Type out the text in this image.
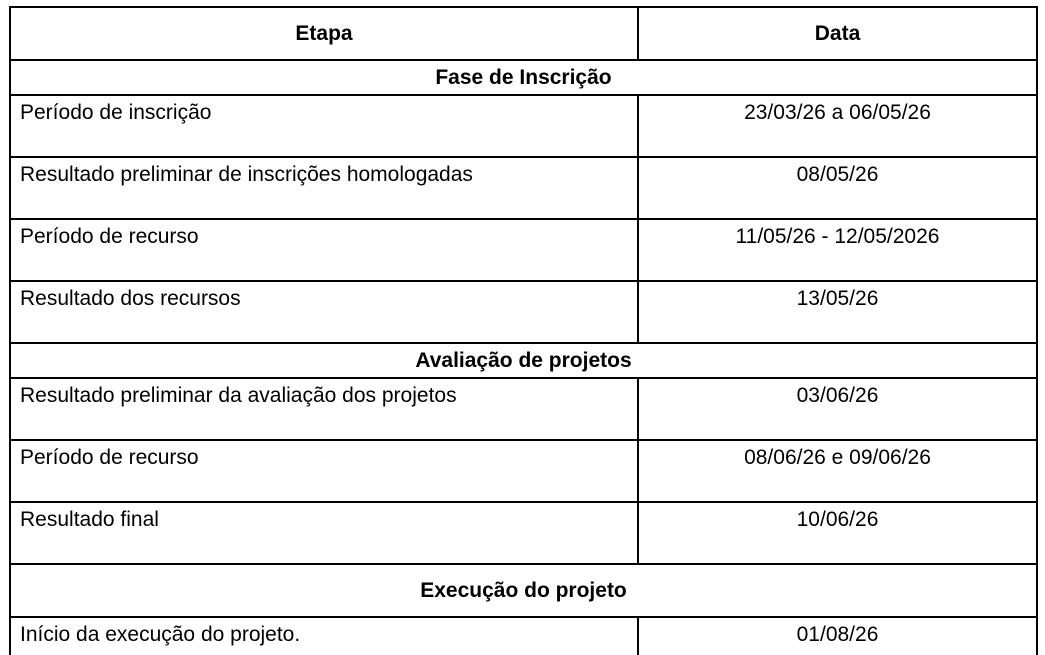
Etapa	Data
Fase de Inscrição	
Período de inscrição	23/03/26 a 06/05/26
Resultado preliminar de inscrições homologadas	08/05/26
Período de recurso	11/05/26 - 12/05/2026
Resultado dos recursos	13/05/26
Avaliação de projetos	
Resultado preliminar da avaliação dos projetos	03/06/26
Período de recurso	08/06/26 e 09/06/26
Resultado final	10/06/26
Execução do projeto	
Início da execução do projeto.	01/08/26
